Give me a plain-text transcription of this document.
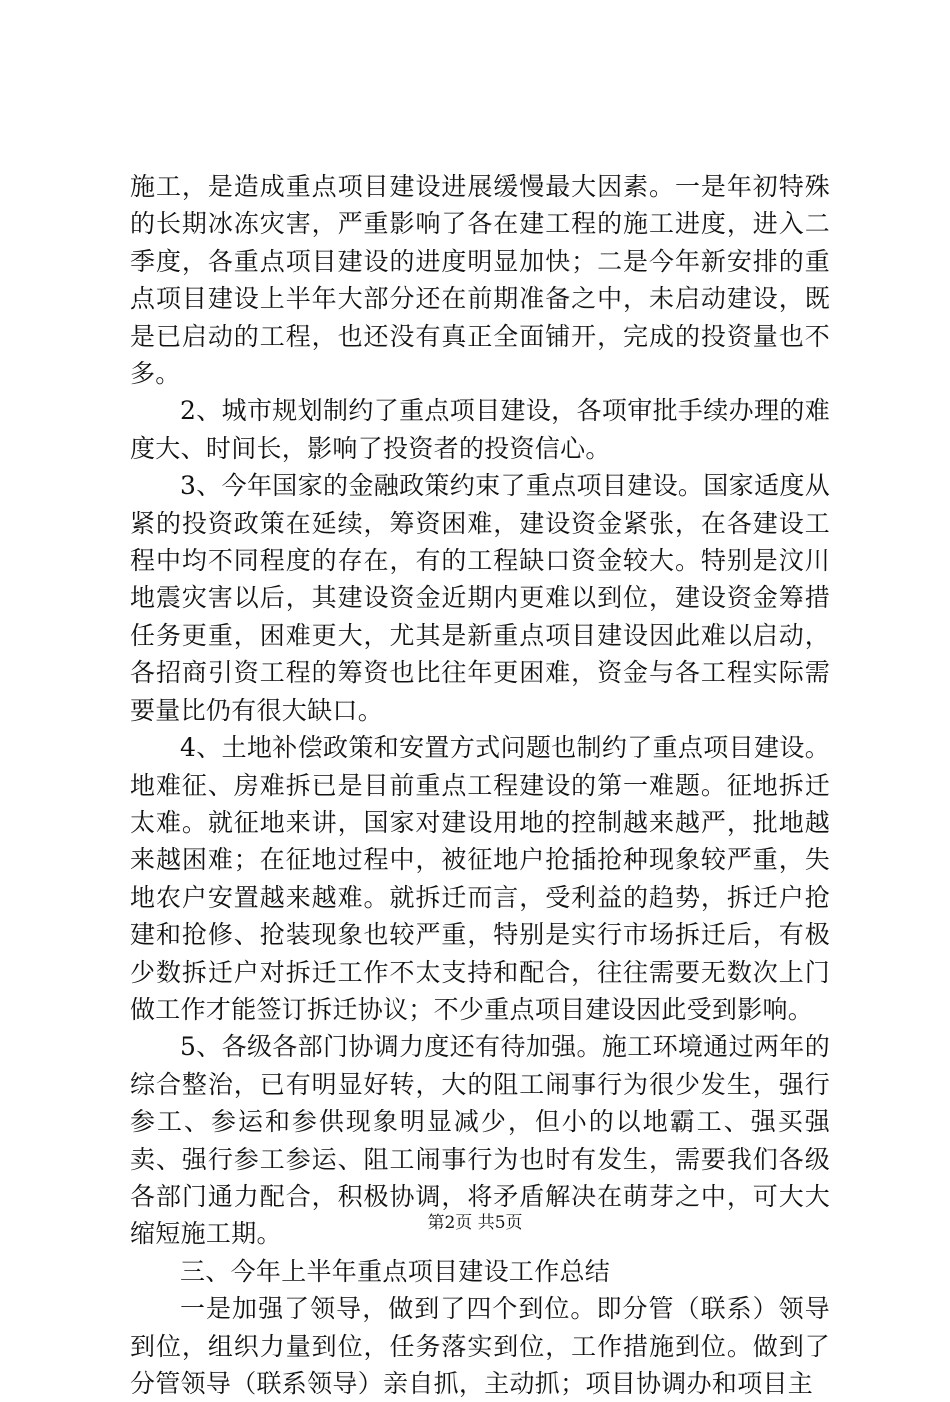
施工，是造成重点项目建设进展缓慢最大因素。一是年初特殊的长期冰冻灾害，严重影响了各在建工程的施工进度，进入二季度，各重点项目建设的进度明显加快；二是今年新安排的重点项目建设上半年大部分还在前期准备之中，未启动建设，既是已启动的工程，也还没有真正全面铺开，完成的投资量也不多。

2、城市规划制约了重点项目建设，各项审批手续办理的难度大、时间长，影响了投资者的投资信心。

3、今年国家的金融政策约束了重点项目建设。国家适度从紧的投资政策在延续，筹资困难，建设资金紧张，在各建设工程中均不同程度的存在，有的工程缺口资金较大。特别是汶川地震灾害以后，其建设资金近期内更难以到位，建设资金筹措任务更重，困难更大，尤其是新重点项目建设因此难以启动，各招商引资工程的筹资也比往年更困难，资金与各工程实际需要量比仍有很大缺口。

4、土地补偿政策和安置方式问题也制约了重点项目建设。地难征、房难拆已是目前重点工程建设的第一难题。征地拆迁太难。就征地来讲，国家对建设用地的控制越来越严，批地越来越困难；在征地过程中，被征地户抢插抢种现象较严重，失地农户安置越来越难。就拆迁而言，受利益的趋势，拆迁户抢建和抢修、抢装现象也较严重，特别是实行市场拆迁后，有极少数拆迁户对拆迁工作不太支持和配合，往往需要无数次上门做工作才能签订拆迁协议；不少重点项目建设因此受到影响。

5、各级各部门协调力度还有待加强。施工环境通过两年的综合整治，已有明显好转，大的阻工闹事行为很少发生，强行参工、参运和参供现象明显减少，但小的以地霸工、强买强卖、强行参工参运、阻工闹事行为也时有发生，需要我们各级各部门通力配合，积极协调，将矛盾解决在萌芽之中，可大大缩短施工期。

三、今年上半年重点项目建设工作总结

一是加强了领导，做到了四个到位。即分管（联系）领导到位，组织力量到位，任务落实到位，工作措施到位。做到了分管领导（联系领导）亲自抓，主动抓；项目协调办和项目主

第2页 共5页
